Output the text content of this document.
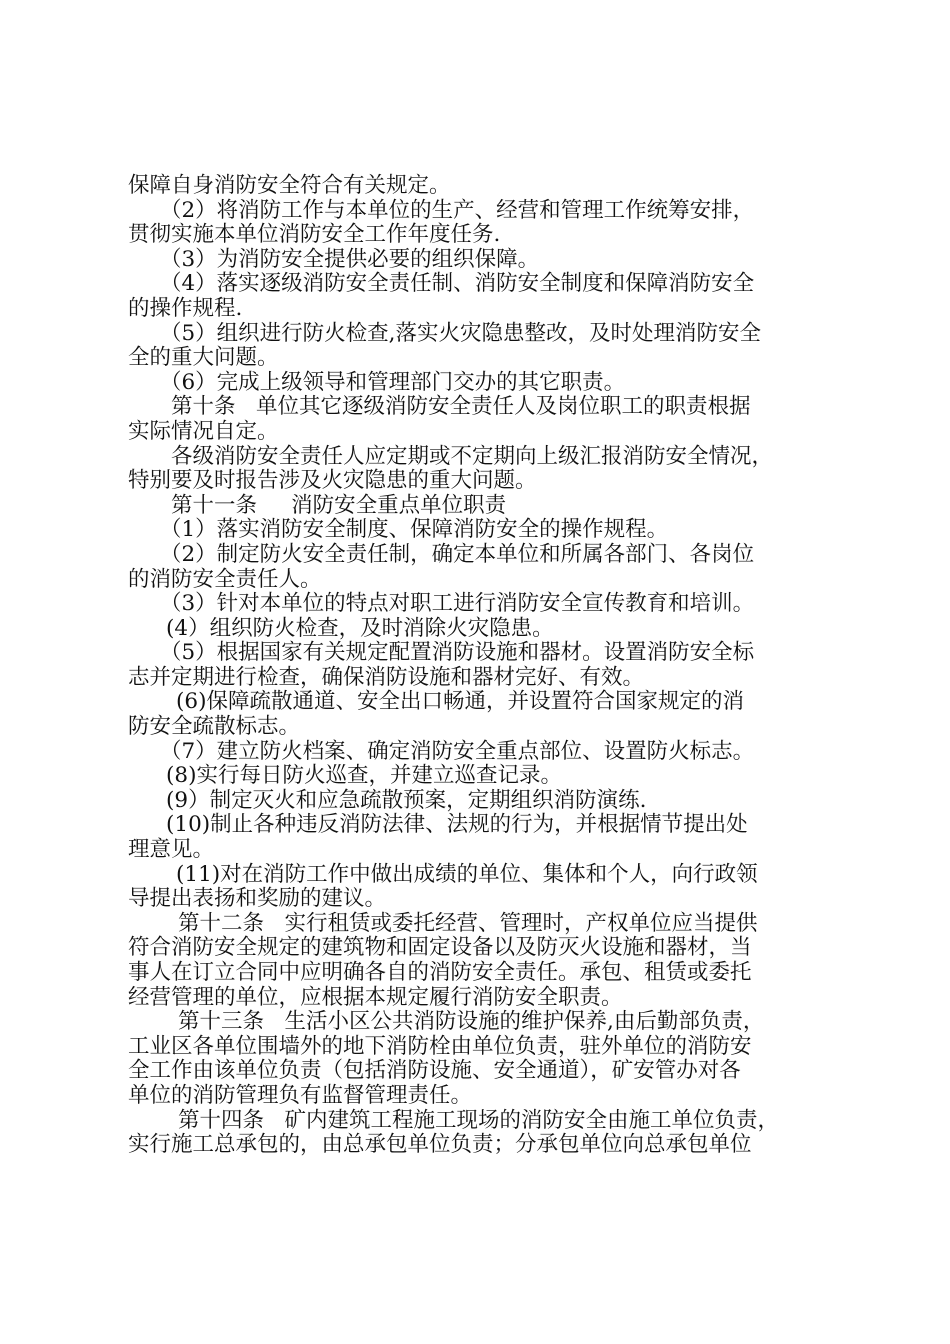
保障自身消防安全符合有关规定。
（2）将消防工作与本单位的生产、经营和管理工作统筹安排，
贯彻实施本单位消防安全工作年度任务.
（3）为消防安全提供必要的组织保障。
（4）落实逐级消防安全责任制、消防安全制度和保障消防安全
的操作规程.
（5）组织进行防火检查,落实火灾隐患整改，及时处理消防安全
全的重大问题。
（6）完成上级领导和管理部门交办的其它职责。
第十条   单位其它逐级消防安全责任人及岗位职工的职责根据
实际情况自定。
各级消防安全责任人应定期或不定期向上级汇报消防安全情况，
特别要及时报告涉及火灾隐患的重大问题。
第十一条     消防安全重点单位职责
（1）落实消防安全制度、保障消防安全的操作规程。
（2）制定防火安全责任制，确定本单位和所属各部门、各岗位
的消防安全责任人。
（3）针对本单位的特点对职工进行消防安全宣传教育和培训。
(4）组织防火检查，及时消除火灾隐患。
（5）根据国家有关规定配置消防设施和器材。设置消防安全标
志并定期进行检查，确保消防设施和器材完好、有效。
(6)保障疏散通道、安全出口畅通，并设置符合国家规定的消
防安全疏散标志。
（7）建立防火档案、确定消防安全重点部位、设置防火标志。
(8)实行每日防火巡查，并建立巡查记录。
(9）制定灭火和应急疏散预案，定期组织消防演练.
(10)制止各种违反消防法律、法规的行为，并根据情节提出处
理意见。
(11)对在消防工作中做出成绩的单位、集体和个人，向行政领
导提出表扬和奖励的建议。
第十二条   实行租赁或委托经营、管理时，产权单位应当提供
符合消防安全规定的建筑物和固定设备以及防灭火设施和器材，当
事人在订立合同中应明确各自的消防安全责任。承包、租赁或委托
经营管理的单位，应根据本规定履行消防安全职责。
第十三条   生活小区公共消防设施的维护保养,由后勤部负责，
工业区各单位围墙外的地下消防栓由单位负责，驻外单位的消防安
全工作由该单位负责（包括消防设施、安全通道），矿安管办对各
单位的消防管理负有监督管理责任。
第十四条   矿内建筑工程施工现场的消防安全由施工单位负责，
实行施工总承包的，由总承包单位负责；分承包单位向总承包单位
